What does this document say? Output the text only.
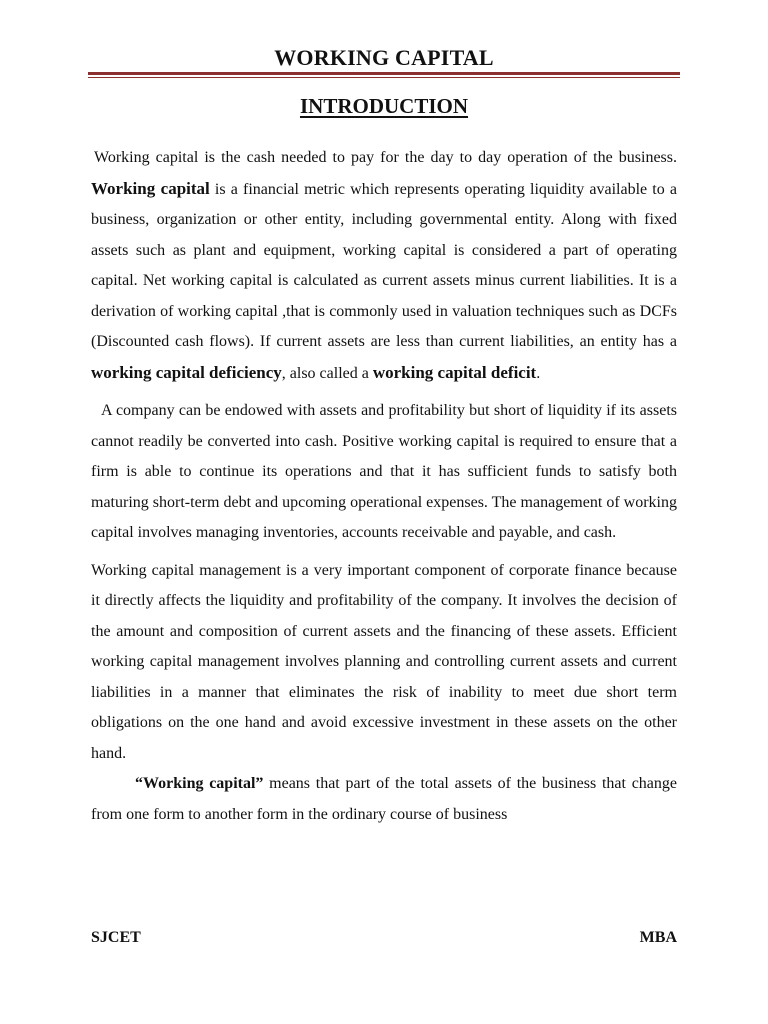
WORKING CAPITAL
INTRODUCTION

Working capital is the cash needed to pay for the day to day operation of the business. Working capital is a financial metric which represents operating liquidity available to a business, organization or other entity, including governmental entity. Along with fixed assets such as plant and equipment, working capital is considered a part of operating capital. Net working capital is calculated as current assets minus current liabilities. It is a derivation of working capital ,that is commonly used in valuation techniques such as DCFs (Discounted cash flows). If current assets are less than current liabilities, an entity has a working capital deficiency, also called a working capital deficit.

A company can be endowed with assets and profitability but short of liquidity if its assets cannot readily be converted into cash. Positive working capital is required to ensure that a firm is able to continue its operations and that it has sufficient funds to satisfy both maturing short-term debt and upcoming operational expenses. The management of working capital involves managing inventories, accounts receivable and payable, and cash.

Working capital management is a very important component of corporate finance because it directly affects the liquidity and profitability of the company. It involves the decision of the amount and composition of current assets and the financing of these assets. Efficient working capital management involves planning and controlling current assets and current liabilities in a manner that eliminates the risk of inability to meet due short term obligations on the one hand and avoid excessive investment in these assets on the other hand.

“Working capital” means that part of the total assets of the business that change from one form to another form in the ordinary course of business

SJCET	MBA
